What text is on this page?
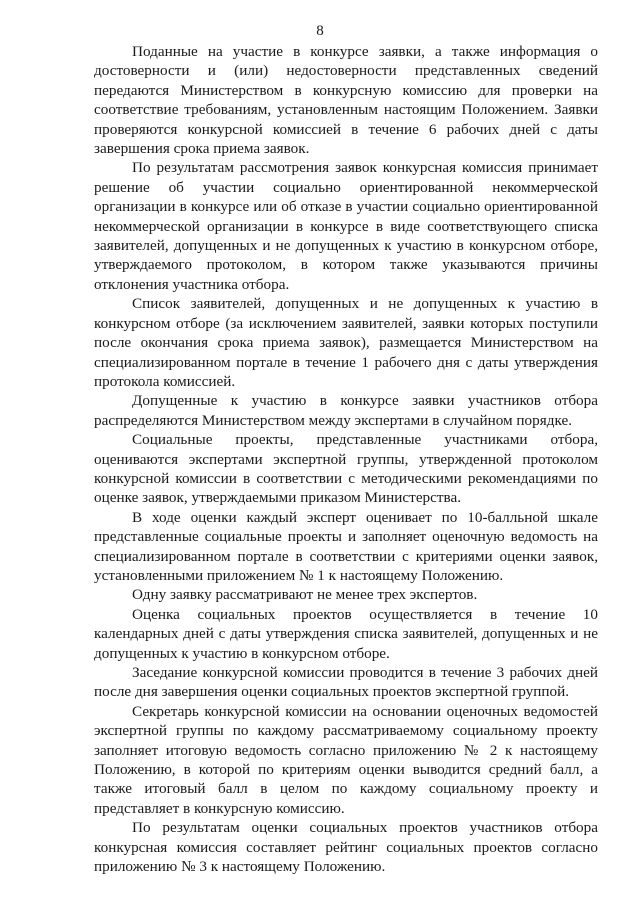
8

Поданные на участие в конкурсе заявки, а также информация о достоверности и (или) недостоверности представленных сведений передаются Министерством в конкурсную комиссию для проверки на соответствие требованиям, установленным настоящим Положением. Заявки проверяются конкурсной комиссией в течение 6 рабочих дней с даты завершения срока приема заявок.

По результатам рассмотрения заявок конкурсная комиссия принимает решение об участии социально ориентированной некоммерческой организации в конкурсе или об отказе в участии социально ориентированной некоммерческой организации в конкурсе в виде соответствующего списка заявителей, допущенных и не допущенных к участию в конкурсном отборе, утверждаемого протоколом, в котором также указываются причины отклонения участника отбора.

Список заявителей, допущенных и не допущенных к участию в конкурсном отборе (за исключением заявителей, заявки которых поступили после окончания срока приема заявок), размещается Министерством на специализированном портале в течение 1 рабочего дня с даты утверждения протокола комиссией.

Допущенные к участию в конкурсе заявки участников отбора распределяются Министерством между экспертами в случайном порядке.

Социальные проекты, представленные участниками отбора, оцениваются экспертами экспертной группы, утвержденной протоколом конкурсной комиссии в соответствии с методическими рекомендациями по оценке заявок, утверждаемыми приказом Министерства.

В ходе оценки каждый эксперт оценивает по 10-балльной шкале представленные социальные проекты и заполняет оценочную ведомость на специализированном портале в соответствии с критериями оценки заявок, установленными приложением № 1 к настоящему Положению.

Одну заявку рассматривают не менее трех экспертов.

Оценка социальных проектов осуществляется в течение 10 календарных дней с даты утверждения списка заявителей, допущенных и не допущенных к участию в конкурсном отборе.

Заседание конкурсной комиссии проводится в течение 3 рабочих дней после дня завершения оценки социальных проектов экспертной группой.

Секретарь конкурсной комиссии на основании оценочных ведомостей экспертной группы по каждому рассматриваемому социальному проекту заполняет итоговую ведомость согласно приложению № 2 к настоящему Положению, в которой по критериям оценки выводится средний балл, а также итоговый балл в целом по каждому социальному проекту и представляет в конкурсную комиссию.

По результатам оценки социальных проектов участников отбора конкурсная комиссия составляет рейтинг социальных проектов согласно приложению № 3 к настоящему Положению.
